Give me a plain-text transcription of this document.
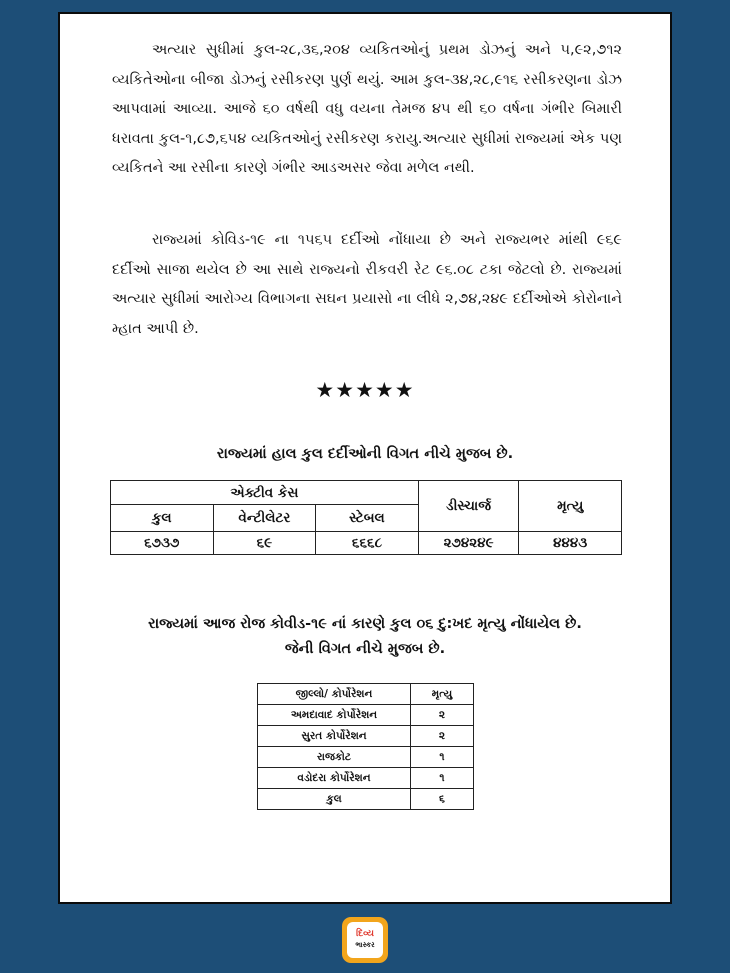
અત્યાર સુધીમાં કુલ-૨૮,૩૬,૨૦૪ વ્યકિતઓનું પ્રથમ ડોઝનું અને ૫,૯૨,૭૧૨ વ્યકિતેઓના બીજા ડોઝનું રસીકરણ પુર્ણ થયું. આમ કુલ-૩૪,૨૮,૯૧૬ રસીકરણના ડોઝ આપવામાં આવ્યા. આજે ૬૦ વર્ષથી વધુ વયના તેમજ ૪૫ થી ૬૦ વર્ષના ગંભીર બિમારી ધરાવતા કુલ-૧,૮૭,૬૫૪ વ્યકિતઓનું રસીકરણ કરાયુ.અત્યાર સુધીમાં રાજ્યમાં એક પણ વ્યકિતને આ રસીના કારણે ગંભીર આડઅસર જેવા મળેલ નથી.

રાજ્યમાં કોવિડ-૧૯ ના ૧૫૬૫ દર્દીઓ નોંધાયા છે અને રાજ્યભર માંથી ૯૬૯ દર્દીઓ સાજા થયેલ છે આ સાથે રાજ્યનો રીકવરી રેટ ૯૬.૦૮ ટકા જેટલો છે. રાજ્યમાં અત્યાર સુધીમાં આરોગ્ય વિભાગના સઘન પ્રયાસો ના લીધે ૨,૭૪,૨૪૯ દર્દીઓએ કોરોનાને મ્હાત આપી છે.

★★★★★
રાજ્યમાં હાલ કુલ દર્દીઓની વિગત નીચે મુજબ છે.
એક્ટીવ કેસ			ડીસ્ચાર્જ	મૃત્યુ
કુલ	વેન્ટીલેટર	સ્ટેબલ		
૬૭૩૭	૬૯	૬૬૬૮	૨૭૪૨૪૯	૪૪૪૩
રાજ્યમાં આજ રોજ કોવીડ-૧૯ નાં કારણે કુલ ૦૬ દુ:ખદ મૃત્યુ નોંધાયેલ છે.
જેની વિગત નીચે મુજબ છે.
જીલ્લો/ કોર્પોરેશન	મૃત્યુ
અમદાવાદ કોર્પોરેશન	૨
સુરત કોર્પોરેશન	૨
રાજકોટ	૧
વડોદરા કોર્પોરેશન	૧
કુલ	૬
દિવ્ય
ભાસ્કર
